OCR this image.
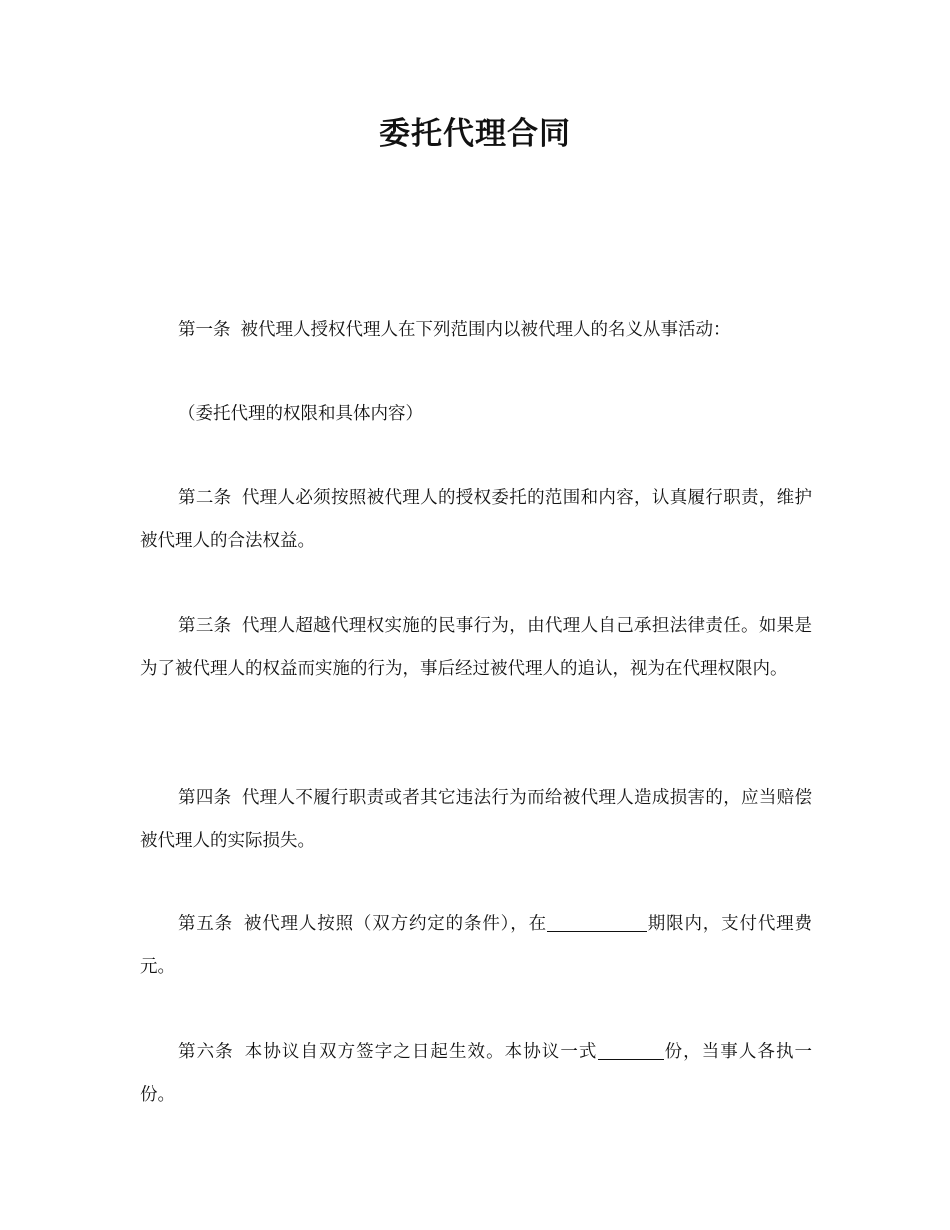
委托代理合同
第一条 被代理人授权代理人在下列范围内以被代理人的名义从事活动：
（委托代理的权限和具体内容）
第二条 代理人必须按照被代理人的授权委托的范围和内容，认真履行职责，维护被代理人的合法权益。
第三条 代理人超越代理权实施的民事行为，由代理人自己承担法律责任。如果是为了被代理人的权益而实施的行为，事后经过被代理人的追认，视为在代理权限内。
第四条 代理人不履行职责或者其它违法行为而给被代理人造成损害的，应当赔偿被代理人的实际损失。
第五条 被代理人按照（双方约定的条件），在	期限内，支付代理费元。
第六条 本协议自双方签字之日起生效。本协议一式	份，当事人各执一份。
